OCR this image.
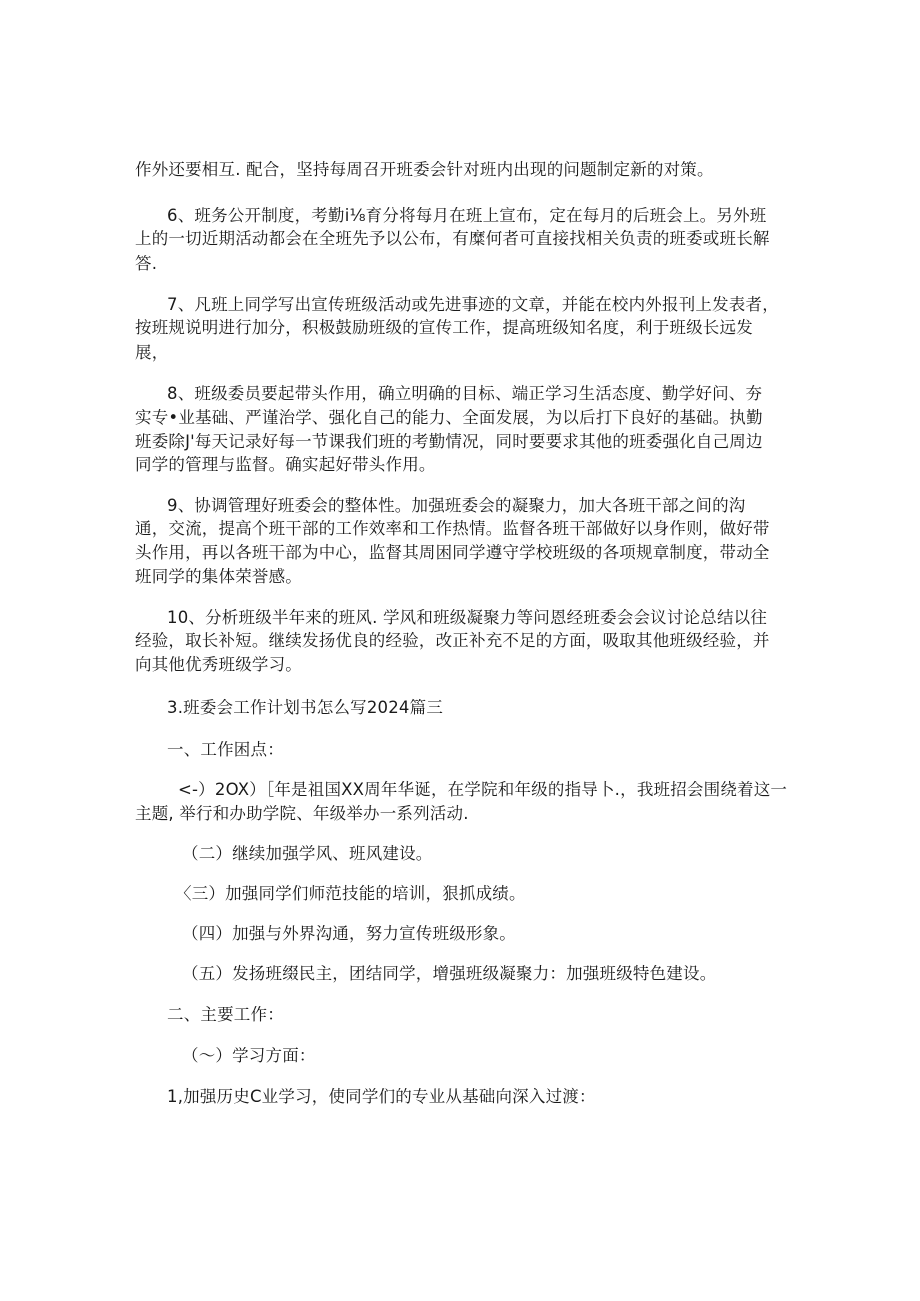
作外还要相互. 配合，坚持每周召开班委会针对班内出现的问题制定新的对策。
6、班务公开制度，考勤i⅛育分将每月在班上宣布，定在每月的后班会上。另外班
上的一切近期活动都会在全班先予以公布，有糜何者可直接找相关负责的班委或班长解
答.
7、凡班上同学写出宣传班级活动或先进事迹的文章，并能在校内外报刊上发表者，
按班规说明进行加分，积极鼓励班级的宣传工作，提高班级知名度，利于班级长远发
展，
8、班级委员要起带头作用，确立明确的目标、端正学习生活态度、勤学好问、夯
实专•业基础、严谨治学、强化自己的能力、全面发展，为以后打下良好的基础。执勤
班委除J'每天记录好每一节课我们班的考勤情况，同时要要求其他的班委强化自己周边
同学的管理与监督。确实起好带头作用。
9、协调管理好班委会的整体性。加强班委会的凝聚力，加大各班干部之间的沟
通，交流，提高个班干部的工作效率和工作热情。监督各班干部做好以身作则，做好带
头作用，再以各班干部为中心，监督其周困同学遵守学校班级的各项规章制度，带动全
班同学的集体荣誉感。
10、分析班级半年来的班风. 学风和班级凝聚力等问恩经班委会会议讨论总结以往
经验，取长补短。继续发扬优良的经验，改正补充不足的方面，吸取其他班级经验，并
向其他优秀班级学习。
3.班委会工作计划书怎么写2024篇三
一、工作困点：
<-）2OX）［年是祖国XX周年华诞，在学院和年级的指导卜.，我班招会围绕着这一
主题, 举行和办助学院、年级举办一系列活动.
（二）继续加强学风、班风建设。
〈三）加强同学们师范技能的培训，狠抓成绩。
（四）加强与外界沟通，努力宣传班级形象。
（五）发扬班缀民主，团结同学，增强班级凝聚力：加强班级特色建设。
二、主要工作：
（〜）学习方面：
1,加强历史C业学习，使同学们的专业从基础向深入过渡：
